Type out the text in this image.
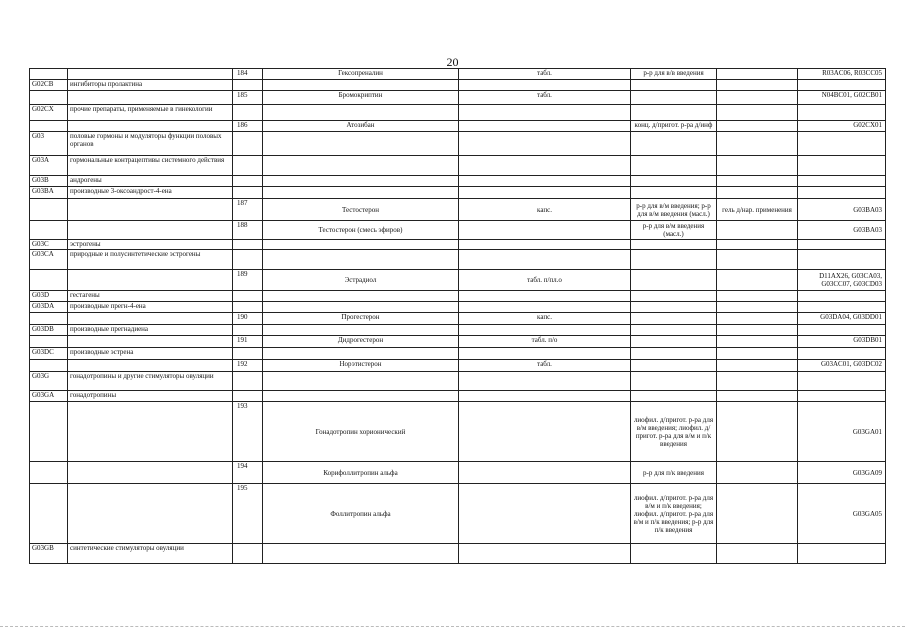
20
		184	Гексопреналин	табл.	р-р для в/в введения		R03AC06, R03CC05
G02CB	ингибиторы пролактина						
		185	Бромокриптин	табл.			N04BC01, G02CB01
G02CX	прочие препараты, применяемые в гинекологии						
		186	Атозибан		конц. д/пригот. р-ра д/инф		G02CX01
G03	половые гормоны и модуляторы функции половых органов						
G03A	гормональные контрацептивы системного действия						
G03B	андрогены						
G03BA	производные 3-оксоандрост-4-ена						
		187	Тестостерон	капс.	р-р для в/м введения; р-р для в/м введения (масл.)	гель д/нар. применения	G03BA03
		188	Тестостерон (смесь эфиров)		р-р для в/м введения (масл.)		G03BA03
G03C	эстрогены						
G03CA	природные и полусинтетические эстрогены						
		189	Эстрадиол	табл. п/пл.о			D11AX26, G03CA03, G03CC07, G03CD03
G03D	гестагены						
G03DA	производные прегн-4-ена						
		190	Прогестерон	капс.			G03DA04, G03DD01
G03DB	производные прегнадиена						
		191	Дидрогестерон	табл. п/о			G03DB01
G03DC	производные эстрена						
		192	Норэтистерон	табл.			G03AC01, G03DC02
G03G	гонадотропины и другие стимуляторы овуляции						
G03GA	гонадотропины						
		193	Гонадотропин хорионический		лиофил. д/пригот. р-ра для в/м введения; лиофил. д/пригот. р-ра для в/м и п/к введения		G03GA01
		194	Корифоллитропин альфа		р-р для п/к введения		G03GA09
		195	Фоллитропин альфа		лиофил. д/пригот. р-ра для в/м и п/к введения; лиофил. д/пригот. р-ра для в/м и п/к введения; р-р для п/к введения		G03GA05
G03GB	синтетические стимуляторы овуляции						
